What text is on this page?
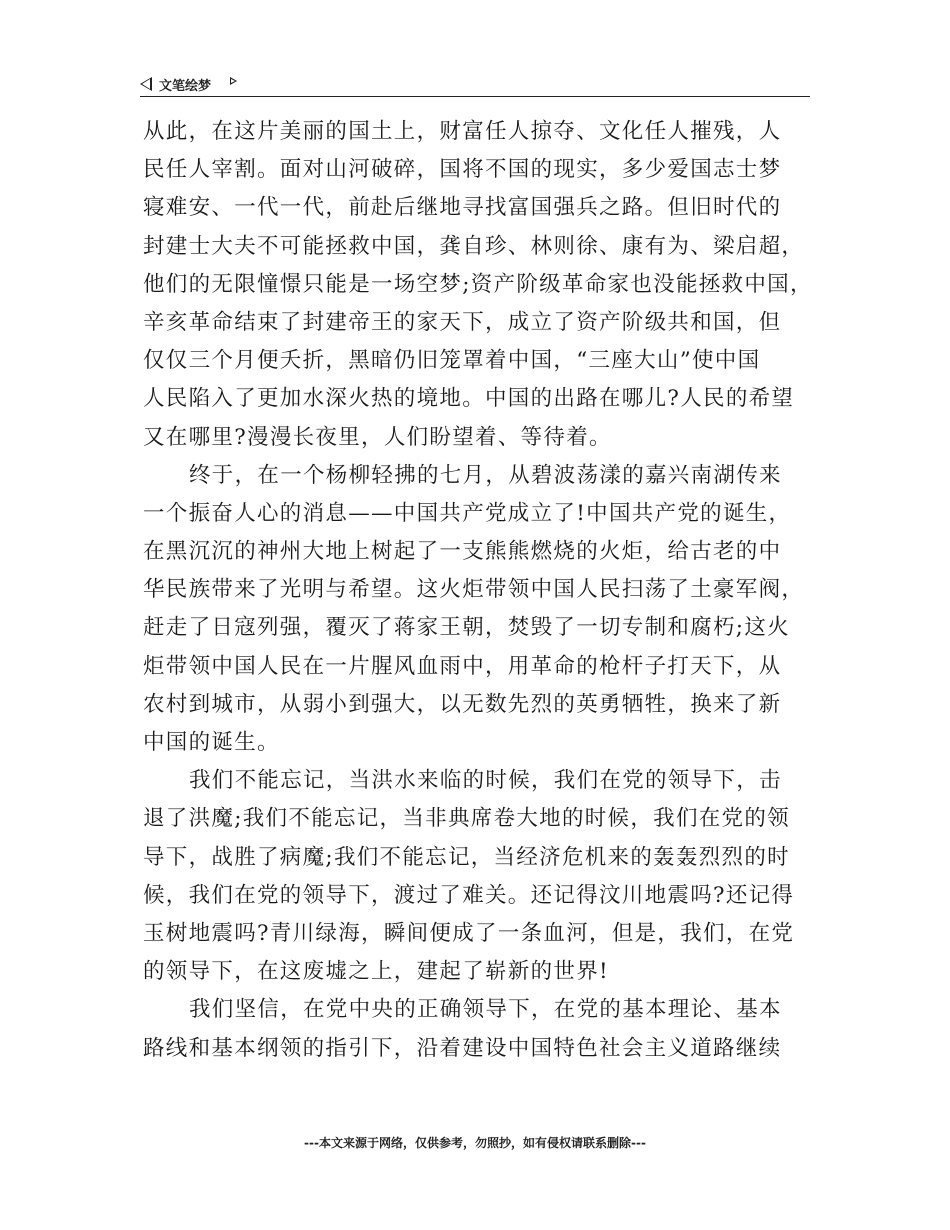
文笔绘梦
从此，在这片美丽的国土上，财富任人掠夺、文化任人摧残，人
民任人宰割。面对山河破碎，国将不国的现实，多少爱国志士梦
寝难安、一代一代，前赴后继地寻找富国强兵之路。但旧时代的
封建士大夫不可能拯救中国，龚自珍、林则徐、康有为、梁启超，
他们的无限憧憬只能是一场空梦;资产阶级革命家也没能拯救中国，
辛亥革命结束了封建帝王的家天下，成立了资产阶级共和国，但
仅仅三个月便夭折，黑暗仍旧笼罩着中国，“三座大山”使中国
人民陷入了更加水深火热的境地。中国的出路在哪儿?人民的希望
又在哪里?漫漫长夜里，人们盼望着、等待着。
终于，在一个杨柳轻拂的七月，从碧波荡漾的嘉兴南湖传来
一个振奋人心的消息——中国共产党成立了!中国共产党的诞生，
在黑沉沉的神州大地上树起了一支熊熊燃烧的火炬，给古老的中
华民族带来了光明与希望。这火炬带领中国人民扫荡了土豪军阀，
赶走了日寇列强，覆灭了蒋家王朝，焚毁了一切专制和腐朽;这火
炬带领中国人民在一片腥风血雨中，用革命的枪杆子打天下，从
农村到城市，从弱小到强大，以无数先烈的英勇牺牲，换来了新
中国的诞生。
我们不能忘记，当洪水来临的时候，我们在党的领导下，击
退了洪魔;我们不能忘记，当非典席卷大地的时候，我们在党的领
导下，战胜了病魔;我们不能忘记，当经济危机来的轰轰烈烈的时
候，我们在党的领导下，渡过了难关。还记得汶川地震吗?还记得
玉树地震吗?青川绿海，瞬间便成了一条血河，但是，我们，在党
的领导下，在这废墟之上，建起了崭新的世界!
我们坚信，在党中央的正确领导下，在党的基本理论、基本
路线和基本纲领的指引下，沿着建设中国特色社会主义道路继续
---本文来源于网络，仅供参考，勿照抄，如有侵权请联系删除---
